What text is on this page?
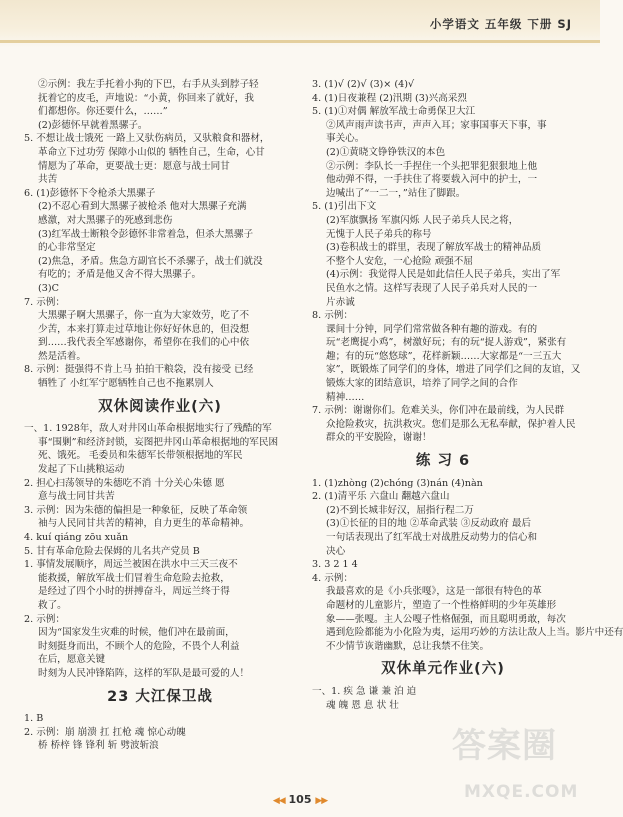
小学语文 五年级 下册 SJ
②示例：我左手托着小狗的下巴，右手从头到脖子轻
抚着它的皮毛，声地说：“小黄，你回来了就好，我
们都想你。你还要什么，……”
(2)彭德怀早就着黑骡子。
5. 不想让战士饿死 一路上又驮伤病员，又驮粮食和器材，
革命立下过功劳 保障小山似的 牺牲自己，生命，心甘
情愿为了革命，更要战士更：愿意与战士同甘
共苦
6. (1)彭德怀下令枪杀大黑骡子
(2)不忍心看到大黑骡子被枪杀 他对大黑骡子充满
感激，对大黑骡子的死感到悲伤
(3)红军战士断粮令彭德怀非常着急，但杀大黑骡子
的心非常坚定
(2)焦急，矛盾。焦急方副官长不杀骡子，战士们就没
有吃的；矛盾是他又舍不得大黑骡子。
(3)C
7. 示例：
大黑骡子啊大黑骡子，你一直为大家效劳，吃了不
少苦，本来打算走过草地让你好好休息的，但没想
到……我代表全军感谢你，希望你在我们的心中依
然是活着。
8. 示例：挺强得不肯上马 拍拍干粮袋，没有接受 已经
牺牲了 小红军宁愿牺牲自己也不拖累别人
双休阅读作业(六)
一、1. 1928年，敌人对井冈山革命根据地实行了残酷的军
事“围剿”和经济封锁，妄图把井冈山革命根据地的军民困
死、饿死。 毛委员和朱德军长带领根据地的军民
发起了下山挑粮运动
2. 担心扫荡领导的朱德吃不消 十分关心朱德 愿
意与战士同甘共苦
3. 示例：因为朱德的偏担是一种象征，反映了革命领
袖与人民同甘共苦的精神，自力更生的革命精神。
4. kuí qiáng zōu xuǎn
5. 甘有革命危险去保姆的儿名共产党员 B
1. 事情发展顺序，周远兰被困在洪水中三天三夜不
能救援，解放军战士们冒着生命危险去抢救，
是经过了四个小时的拼搏奋斗，周远兰终于得
救了。
2. 示例：
因为“国家发生灾难的时候，他们冲在最前面，
时刻挺身而出，不顾个人的危险，不畏个人利益
在后，愿意关键
时刻为人民冲锋陷阵，这样的军队是最可爱的人！
23 大江保卫战
1. B
2. 示例：崩 崩溃 扛 扛枪 魂 惊心动魄
桥 桥梓 锋 锋利 斩 劈波斩浪
3. (1)√ (2)√ (3)× (4)√
4. (1)日夜兼程 (2)汛期 (3)兴高采烈
5. (1)①对偶 解放军战士命勇保卫大江
②风声雨声读书声，声声入耳；家事国事天下事，事
事关心。
(2)①黄晓文铮铮铁汉的本色
②示例：李队长一手捏住一个头把罪犯狠狠地上他
他动弹不得，一手扶住了将要载入河中的护士，一
边喊出了“一二一，”站住了脚跟。
5. (1)引出下文
(2)军旗飘扬 军旗闪烁 人民子弟兵人民之将，
无愧于人民子弟兵的称号
(3)卷积战士的群里，表现了解放军战士的精神品质
不整个人安危，一心抢险 顽强不屈
(4)示例：我觉得人民是如此信任人民子弟兵，实出了军
民鱼水之情。这样写表现了人民子弟兵对人民的一
片赤诚
8. 示例：
课间十分钟，同学们常常做各种有趣的游戏。有的
玩“老鹰捉小鸡”，树激好玩；有的玩“捉人游戏”，紧张有
趣；有的玩“悠悠球”，花样新颖……大家都是“一三五大
家”，既锻炼了同学们的身体，增进了同学们之间的友谊，又
锻炼大家的团结意识，培养了同学之间的合作
精神……
7. 示例：谢谢你们。危难关头，你们冲在最前线，为人民群
众抢险救灾，抗洪救灾。您们是那么无私奉献，保护着人民
群众的平安脱险，谢谢！
练 习 6
1. (1)zhòng (2)chóng (3)nán (4)nàn
2. (1)清平乐 六盘山 翻越六盘山
(2)不到长城非好汉，屈指行程二万
(3)①长征的目的地 ②革命武装 ③反动政府 最后
一句话表现出了红军战士对战胜反动势力的信心和
决心
3. 3 2 1 4
4. 示例：
我最喜欢的是《小兵张嘎》，这是一部很有特色的革
命题材的儿童影片，塑造了一个性格鲜明的少年英雄形
象——张嘎。主人公嘎子性格倔强，而且聪明勇敢，每次
遇到危险都能为小化险为夷，运用巧妙的方法让敌人上当。影片中还有
不少情节诙谐幽默，总让我禁不住笑。
双休单元作业(六)
一、1. 疾 急 谦 兼 泊 迫
魂 魄 恩 息 状 壮
◀◀ 105 ▶▶
答案圈
MXQE.COM
